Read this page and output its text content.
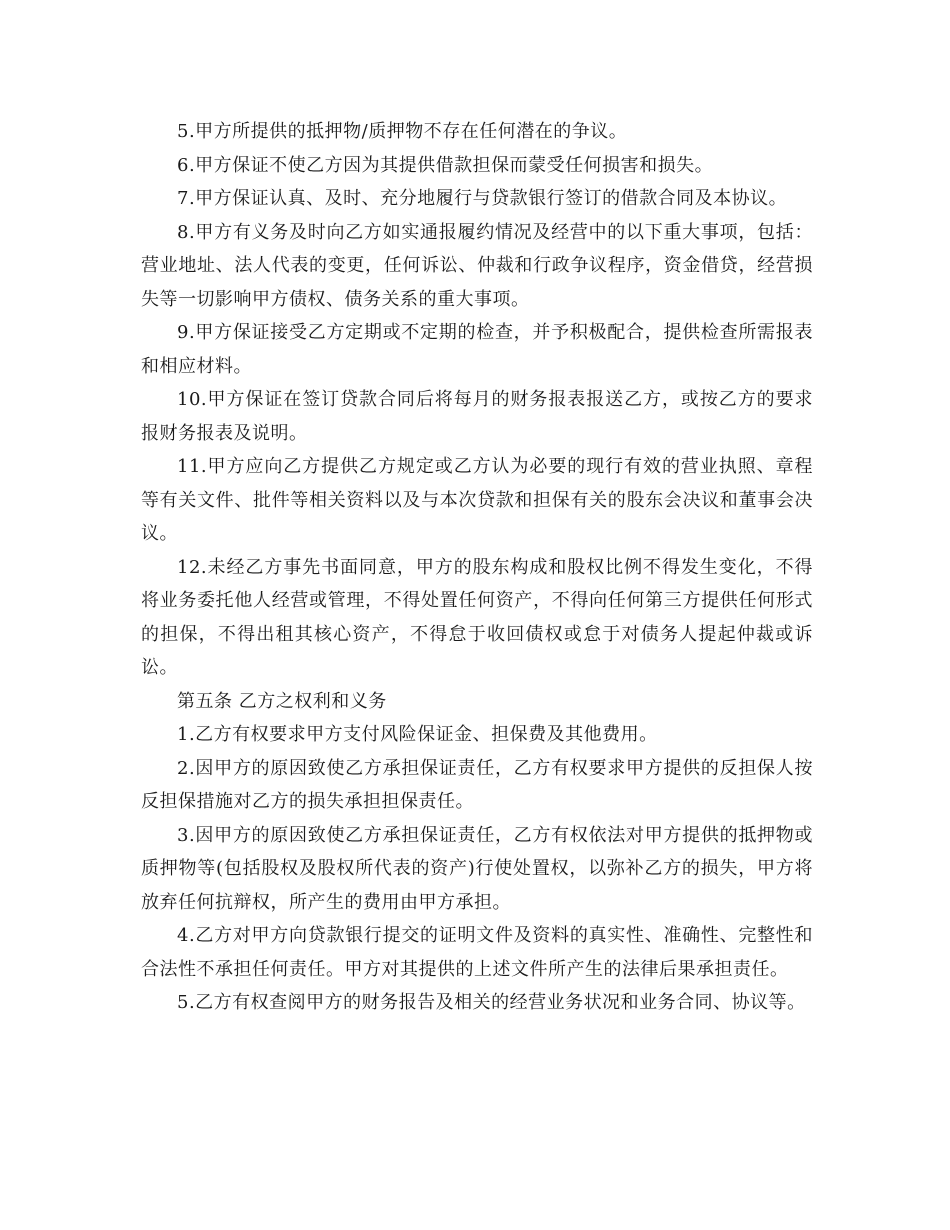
5.甲方所提供的抵押物/质押物不存在任何潜在的争议。

6.甲方保证不使乙方因为其提供借款担保而蒙受任何损害和损失。

7.甲方保证认真、及时、充分地履行与贷款银行签订的借款合同及本协议。

8.甲方有义务及时向乙方如实通报履约情况及经营中的以下重大事项，包括：营业地址、法人代表的变更，任何诉讼、仲裁和行政争议程序，资金借贷，经营损失等一切影响甲方债权、债务关系的重大事项。

9.甲方保证接受乙方定期或不定期的检查，并予积极配合，提供检查所需报表和相应材料。

10.甲方保证在签订贷款合同后将每月的财务报表报送乙方，或按乙方的要求报财务报表及说明。

11.甲方应向乙方提供乙方规定或乙方认为必要的现行有效的营业执照、章程等有关文件、批件等相关资料以及与本次贷款和担保有关的股东会决议和董事会决议。

12.未经乙方事先书面同意，甲方的股东构成和股权比例不得发生变化，不得将业务委托他人经营或管理，不得处置任何资产，不得向任何第三方提供任何形式的担保，不得出租其核心资产，不得怠于收回债权或怠于对债务人提起仲裁或诉讼。

第五条 乙方之权利和义务

1.乙方有权要求甲方支付风险保证金、担保费及其他费用。

2.因甲方的原因致使乙方承担保证责任，乙方有权要求甲方提供的反担保人按反担保措施对乙方的损失承担担保责任。

3.因甲方的原因致使乙方承担保证责任，乙方有权依法对甲方提供的抵押物或质押物等(包括股权及股权所代表的资产)行使处置权，以弥补乙方的损失，甲方将放弃任何抗辩权，所产生的费用由甲方承担。

4.乙方对甲方向贷款银行提交的证明文件及资料的真实性、准确性、完整性和合法性不承担任何责任。甲方对其提供的上述文件所产生的法律后果承担责任。

5.乙方有权查阅甲方的财务报告及相关的经营业务状况和业务合同、协议等。
